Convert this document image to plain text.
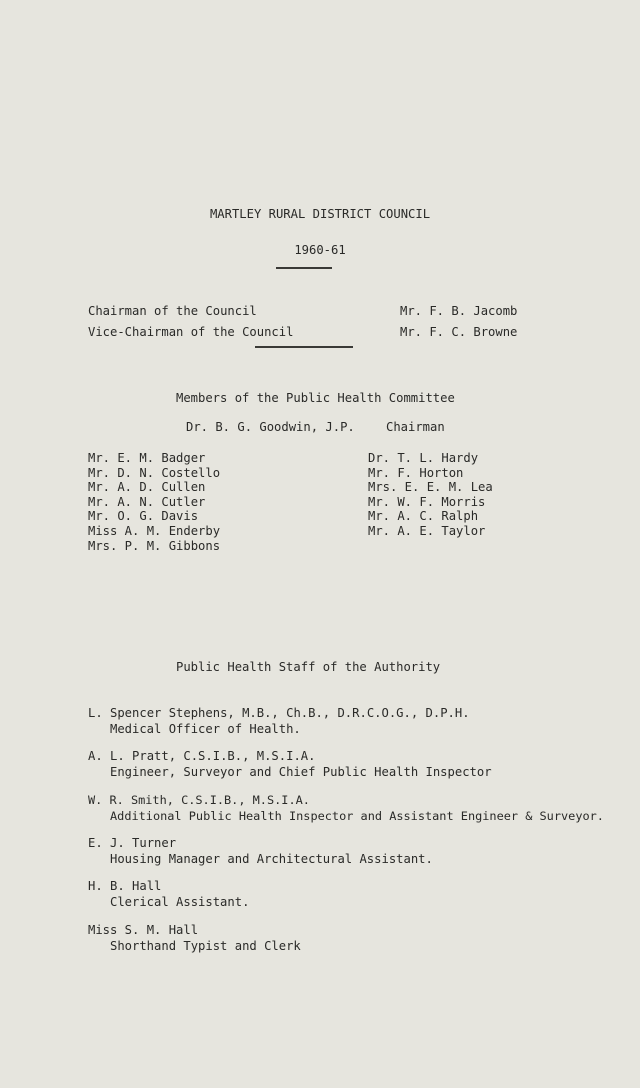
MARTLEY RURAL DISTRICT COUNCIL
1960-61
Chairman of the Council	Mr. F. B. Jacomb
Vice-Chairman of the Council	Mr. F. C. Browne
Members of the Public Health Committee
Dr. B. G. Goodwin, J.P.	Chairman
Mr. E. M. Badger
Mr. D. N. Costello
Mr. A. D. Cullen
Mr. A. N. Cutler
Mr. O. G. Davis
Miss A. M. Enderby
Mrs. P. M. Gibbons
Dr. T. L. Hardy
Mr. F. Horton
Mrs. E. E. M. Lea
Mr. W. F. Morris
Mr. A. C. Ralph
Mr. A. E. Taylor
Public Health Staff of the Authority
L. Spencer Stephens, M.B., Ch.B., D.R.C.O.G., D.P.H.
Medical Officer of Health.
A. L. Pratt, C.S.I.B., M.S.I.A.
Engineer, Surveyor and Chief Public Health Inspector
W. R. Smith, C.S.I.B., M.S.I.A.
Additional Public Health Inspector and Assistant Engineer & Surveyor.
E. J. Turner
Housing Manager and Architectural Assistant.
H. B. Hall
Clerical Assistant.
Miss S. M. Hall
Shorthand Typist and Clerk
